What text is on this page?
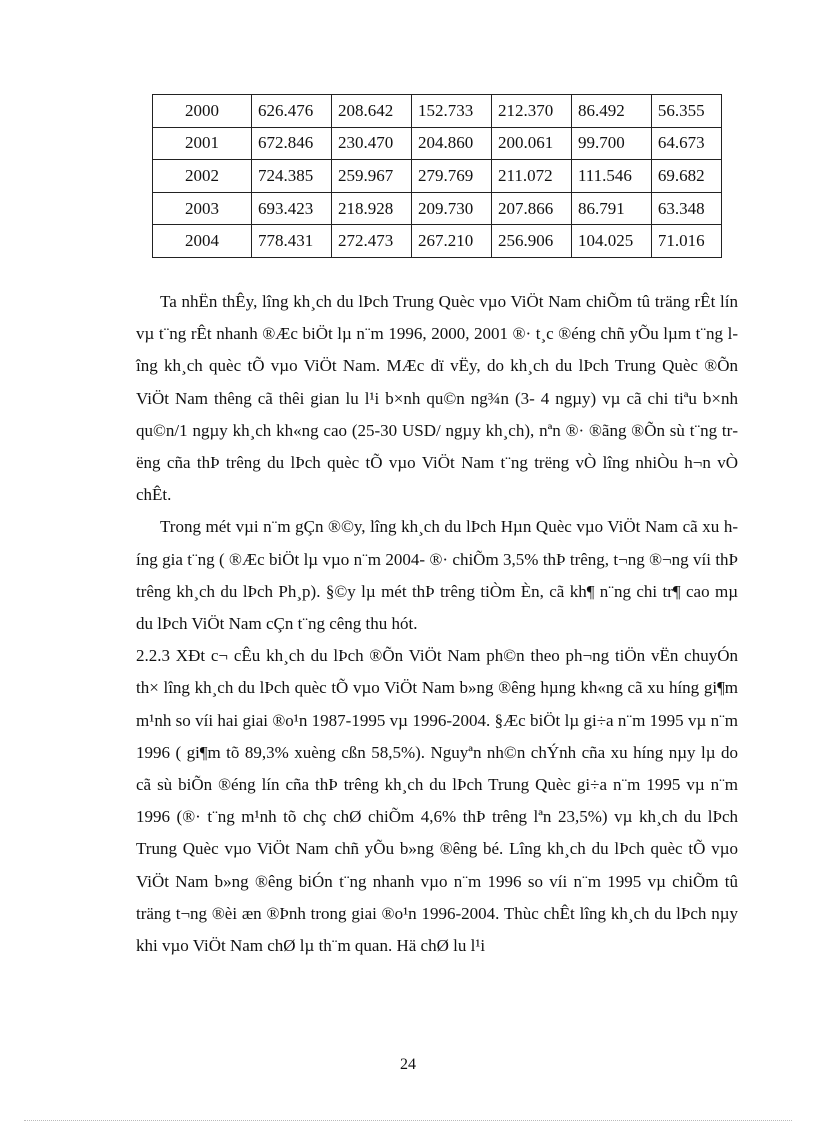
2000	626.476	208.642	152.733	212.370	86.492	56.355
2001	672.846	230.470	204.860	200.061	99.700	64.673
2002	724.385	259.967	279.769	211.072	111.546	69.682
2003	693.423	218.928	209.730	207.866	86.791	63.348
2004	778.431	272.473	267.210	256.906	104.025	71.016

Ta nhËn thÊy, lîng kh¸ch du lÞch Trung Quèc vµo ViÖt Nam chiÕm tû träng rÊt lín vµ t¨ng rÊt nhanh ®Æc biÖt lµ n¨m 1996, 2000, 2001 ®· t¸c ®éng chñ yÕu lµm t¨ng lîng kh¸ch quèc tÕ vµo ViÖt Nam. MÆc dï vËy, do kh¸ch du lÞch Trung Quèc ®Õn ViÖt Nam thêng cã thêi gian lu l¹i b×nh qu©n ng¾n (3- 4 ngµy) vµ cã chi tiªu b×nh qu©n/1 ngµy kh¸ch kh«ng cao (25-30 USD/ ngµy kh¸ch), nªn ®· ®ãng ®Õn sù t¨ng trëng cña thÞ trêng du lÞch quèc tÕ vµo ViÖt Nam t¨ng trëng vÒ lîng nhiÒu h¬n vÒ chÊt.

Trong mét vµi n¨m gÇn ®©y, lîng kh¸ch du lÞch Hµn Quèc vµo ViÖt Nam cã xu híng gia t¨ng ( ®Æc biÖt lµ vµo n¨m 2004- ®· chiÕm 3,5% thÞ trêng, t¬ng ®¬ng víi thÞ trêng kh¸ch du lÞch Ph¸p). §©y lµ mét thÞ trêng tiÒm Èn, cã kh¶ n¨ng chi tr¶ cao mµ du lÞch ViÖt Nam cÇn t¨ng cêng thu hót.

2.2.3 XÐt c¬ cÊu kh¸ch du lÞch ®Õn ViÖt Nam ph©n theo ph¬ng tiÖn vËn chuyÓn th× lîng kh¸ch du lÞch quèc tÕ vµo ViÖt Nam b»ng ®êng hµng kh«ng cã xu híng gi¶m m¹nh so víi hai giai ®o¹n 1987-1995 vµ 1996-2004. §Æc biÖt lµ gi÷a n¨m 1995 vµ n¨m 1996 ( gi¶m tõ 89,3% xuèng cßn 58,5%). Nguyªn nh©n chÝnh cña xu híng nµy lµ do cã sù biÕn ®éng lín cña thÞ trêng kh¸ch du lÞch Trung Quèc gi÷a n¨m 1995 vµ n¨m 1996 (®· t¨ng m¹nh tõ chç chØ chiÕm 4,6% thÞ trêng lªn 23,5%) vµ kh¸ch du lÞch Trung Quèc vµo ViÖt Nam chñ yÕu b»ng ®êng bé. Lîng kh¸ch du lÞch quèc tÕ vµo ViÖt Nam b»ng ®êng biÓn t¨ng nhanh vµo n¨m 1996 so víi n¨m 1995 vµ chiÕm tû träng t¬ng ®èi æn ®Þnh trong giai ®o¹n 1996-2004. Thùc chÊt lîng kh¸ch du lÞch nµy khi vµo ViÖt Nam chØ lµ th¨m quan. Hä chØ lu l¹i

24
